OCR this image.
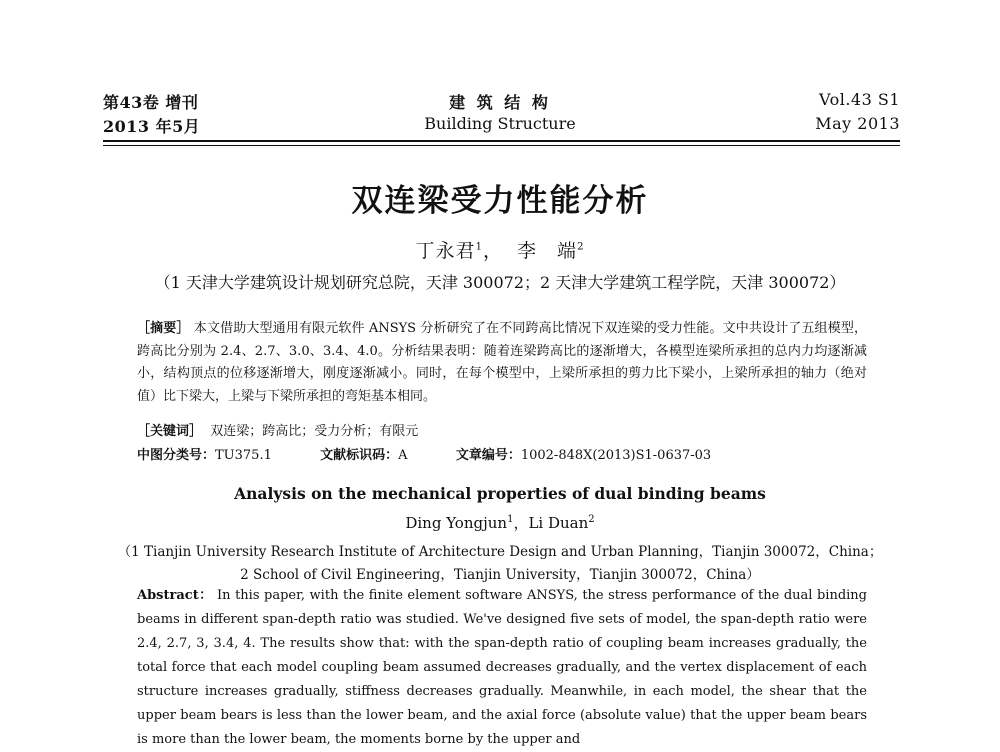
第43卷 增刊
2013 年5月
建 筑 结 构
Building Structure
Vol.43 S1
May 2013
双连梁受力性能分析
丁永君$^1$， 李　端$^2$
（1 天津大学建筑设计规划研究总院，天津 300072；2 天津大学建筑工程学院，天津 300072）
［摘要］ 本文借助大型通用有限元软件 ANSYS 分析研究了在不同跨高比情况下双连梁的受力性能。文中共设计了五组模型，跨高比分别为 2.4、2.7、3.0、3.4、4.0。分析结果表明：随着连梁跨高比的逐渐增大，各模型连梁所承担的总内力均逐渐减小，结构顶点的位移逐渐增大，刚度逐渐减小。同时，在每个模型中，上梁所承担的剪力比下梁小，上梁所承担的轴力（绝对值）比下梁大，上梁与下梁所承担的弯矩基本相同。
［关键词］ 双连梁；跨高比；受力分析；有限元
中图分类号：TU375.1	文献标识码：A	文章编号：1002-848X(2013)S1-0637-03
Analysis on the mechanical properties of dual binding beams
Ding Yongjun$^1$，Li Duan$^2$
（1 Tianjin University Research Institute of Architecture Design and Urban Planning，Tianjin 300072，China；
2 School of Civil Engineering，Tianjin University，Tianjin 300072，China）
Abstract： In this paper, with the finite element software ANSYS, the stress performance of the dual binding beams in different span-depth ratio was studied. We've designed five sets of model, the span-depth ratio were 2.4, 2.7, 3, 3.4, 4. The results show that: with the span-depth ratio of coupling beam increases gradually, the total force that each model coupling beam assumed decreases gradually, and the vertex displacement of each structure increases gradually, stiffness decreases gradually. Meanwhile, in each model, the shear that the upper beam bears is less than the lower beam, and the axial force (absolute value) that the upper beam bears is more than the lower beam, the moments borne by the upper and
